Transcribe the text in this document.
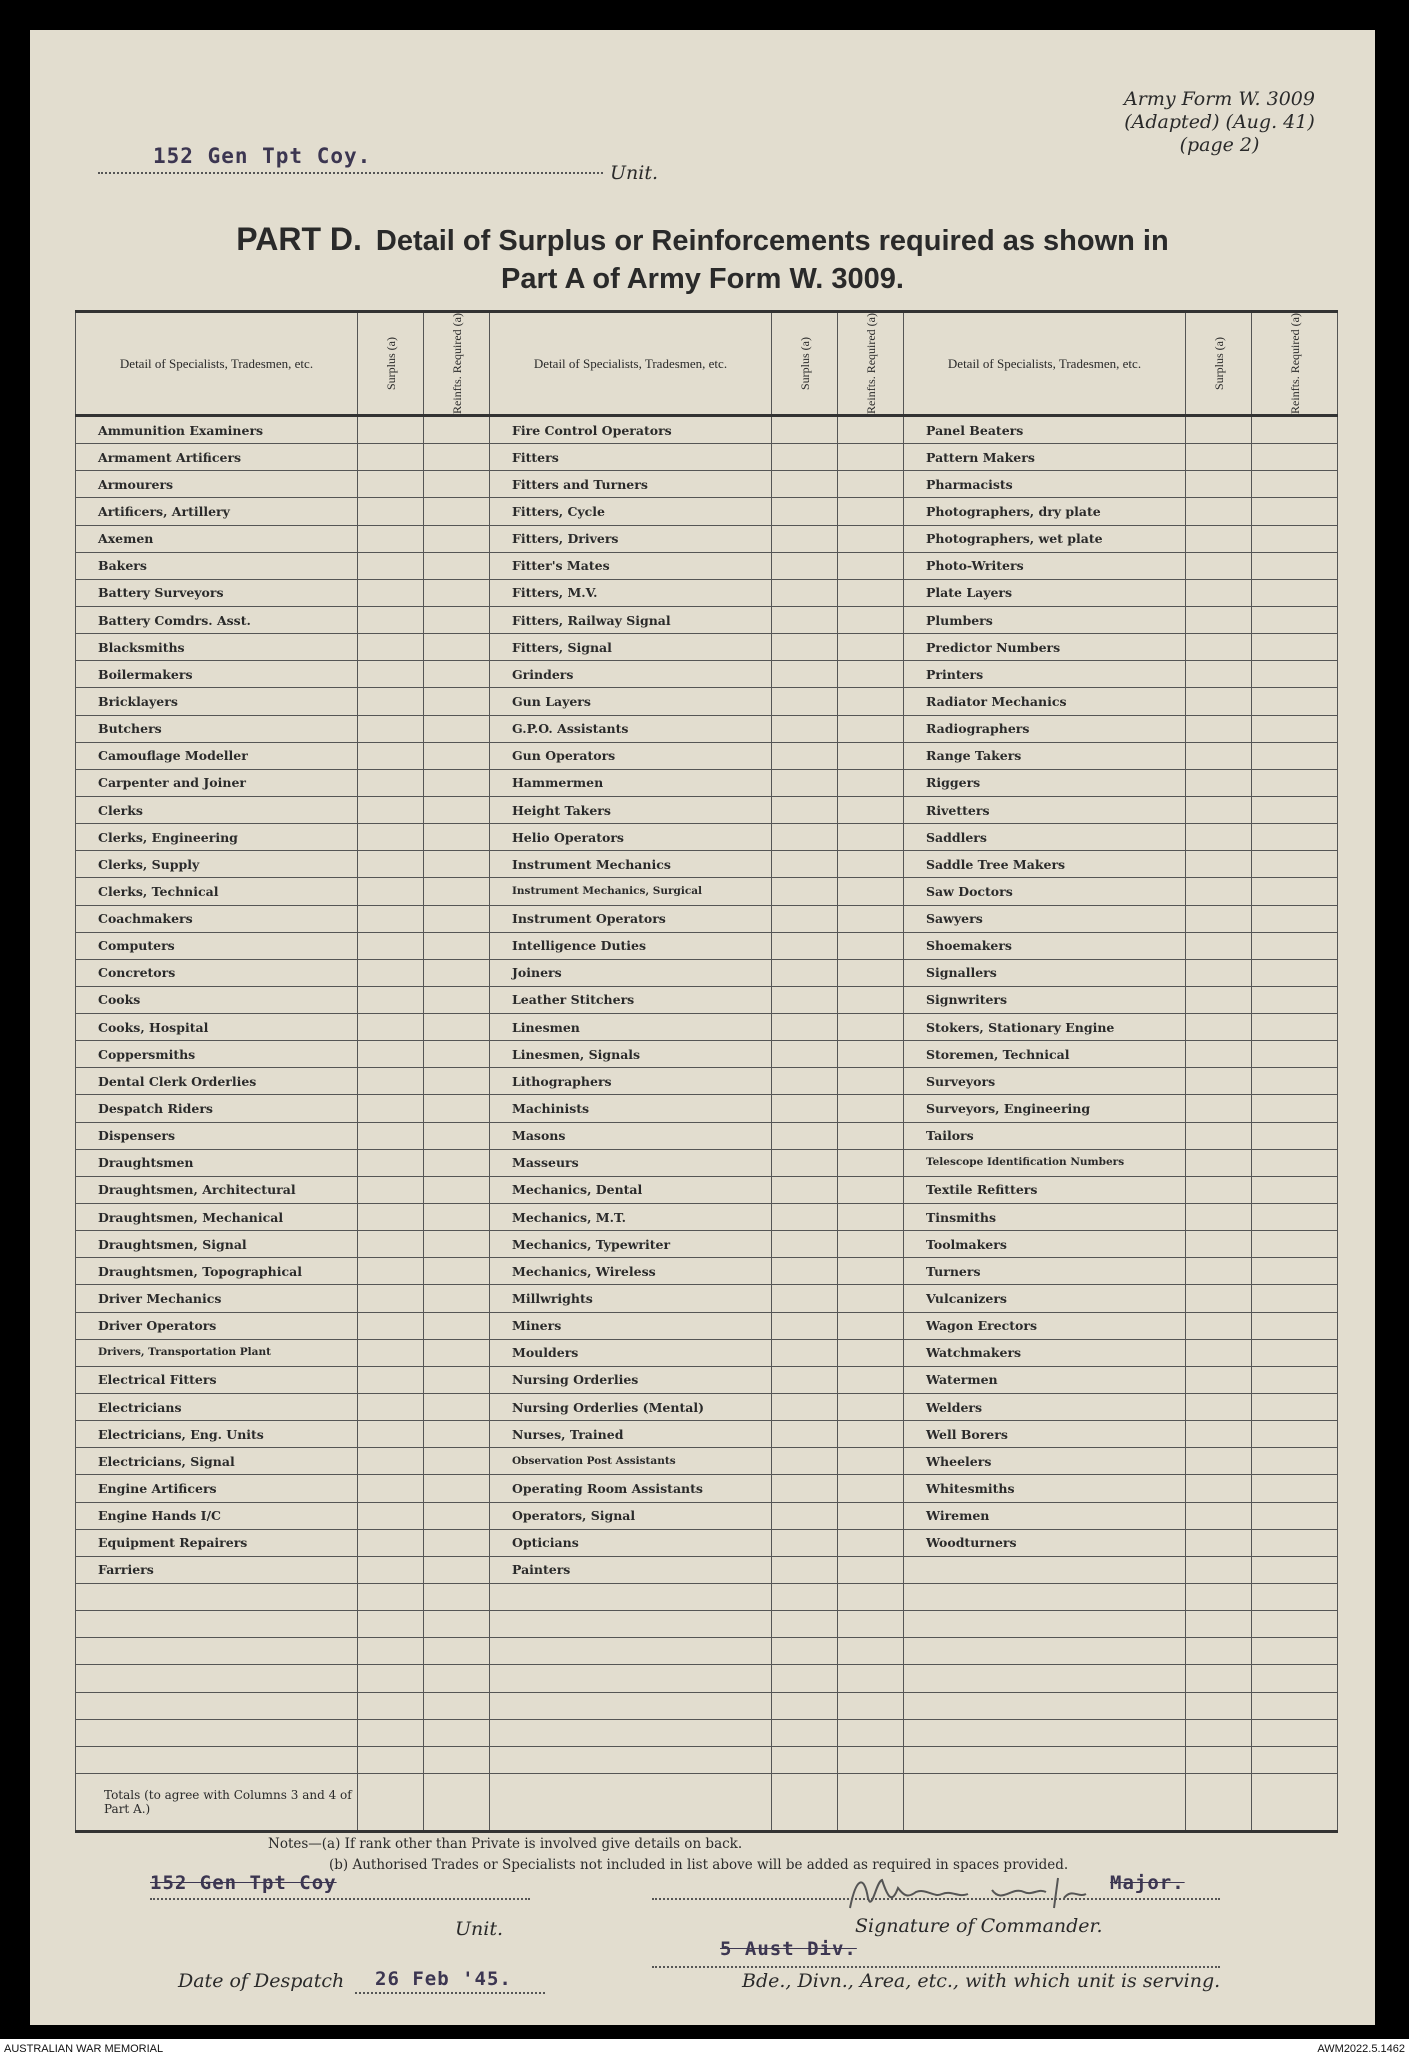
Army Form W. 3009
(Adapted) (Aug. 41)
(page 2)
152 Gen Tpt Coy.
Unit.
PART D. Detail of Surplus or Reinforcements required as shown in
Part A of Army Form W. 3009.
Detail of Specialists, Tradesmen, etc.	Surplus (a)	Reinfts. Required (a)	Detail of Specialists, Tradesmen, etc.	Surplus (a)	Reinfts. Required (a)	Detail of Specialists, Tradesmen, etc.	Surplus (a)	Reinfts. Required (a)

Ammunition Examiners			Fire Control Operators			Panel Beaters		
Armament Artificers			Fitters			Pattern Makers		
Armourers			Fitters and Turners			Pharmacists		
Artificers, Artillery			Fitters, Cycle			Photographers, dry plate		
Axemen			Fitters, Drivers			Photographers, wet plate		
Bakers			Fitter's Mates			Photo-Writers		
Battery Surveyors			Fitters, M.V.			Plate Layers		
Battery Comdrs. Asst.			Fitters, Railway Signal			Plumbers		
Blacksmiths			Fitters, Signal			Predictor Numbers		
Boilermakers			Grinders			Printers		
Bricklayers			Gun Layers			Radiator Mechanics		
Butchers			G.P.O. Assistants			Radiographers		
Camouflage Modeller			Gun Operators			Range Takers		
Carpenter and Joiner			Hammermen			Riggers		
Clerks			Height Takers			Rivetters		
Clerks, Engineering			Helio Operators			Saddlers		
Clerks, Supply			Instrument Mechanics			Saddle Tree Makers		
Clerks, Technical			Instrument Mechanics, Surgical			Saw Doctors		
Coachmakers			Instrument Operators			Sawyers		
Computers			Intelligence Duties			Shoemakers		
Concretors			Joiners			Signallers		
Cooks			Leather Stitchers			Signwriters		
Cooks, Hospital			Linesmen			Stokers, Stationary Engine		
Coppersmiths			Linesmen, Signals			Storemen, Technical		
Dental Clerk Orderlies			Lithographers			Surveyors		
Despatch Riders			Machinists			Surveyors, Engineering		
Dispensers			Masons			Tailors		
Draughtsmen			Masseurs			Telescope Identification Numbers		
Draughtsmen, Architectural			Mechanics, Dental			Textile Refitters		
Draughtsmen, Mechanical			Mechanics, M.T.			Tinsmiths		
Draughtsmen, Signal			Mechanics, Typewriter			Toolmakers		
Draughtsmen, Topographical			Mechanics, Wireless			Turners		
Driver Mechanics			Millwrights			Vulcanizers		
Driver Operators			Miners			Wagon Erectors		
Drivers, Transportation Plant			Moulders			Watchmakers		
Electrical Fitters			Nursing Orderlies			Watermen		
Electricians			Nursing Orderlies (Mental)			Welders		
Electricians, Eng. Units			Nurses, Trained			Well Borers		
Electricians, Signal			Observation Post Assistants			Wheelers		
Engine Artificers			Operating Room Assistants			Whitesmiths		
Engine Hands I/C			Operators, Signal			Wiremen		
Equipment Repairers			Opticians			Woodturners		
Farriers			Painters					

Totals (to agree with Columns 3 and 4 of Part A.)								
Notes—(a) If rank other than Private is involved give details on back.
(b) Authorised Trades or Specialists not included in list above will be added as required in spaces provided.
152 Gen Tpt Coy
Unit.
Major.
Signature of Commander.
Date of Despatch 26 Feb '45.
5 Aust Div.
Bde., Divn., Area, etc., with which unit is serving.
AUSTRALIAN WAR MEMORIAL	AWM2022.5.1462
